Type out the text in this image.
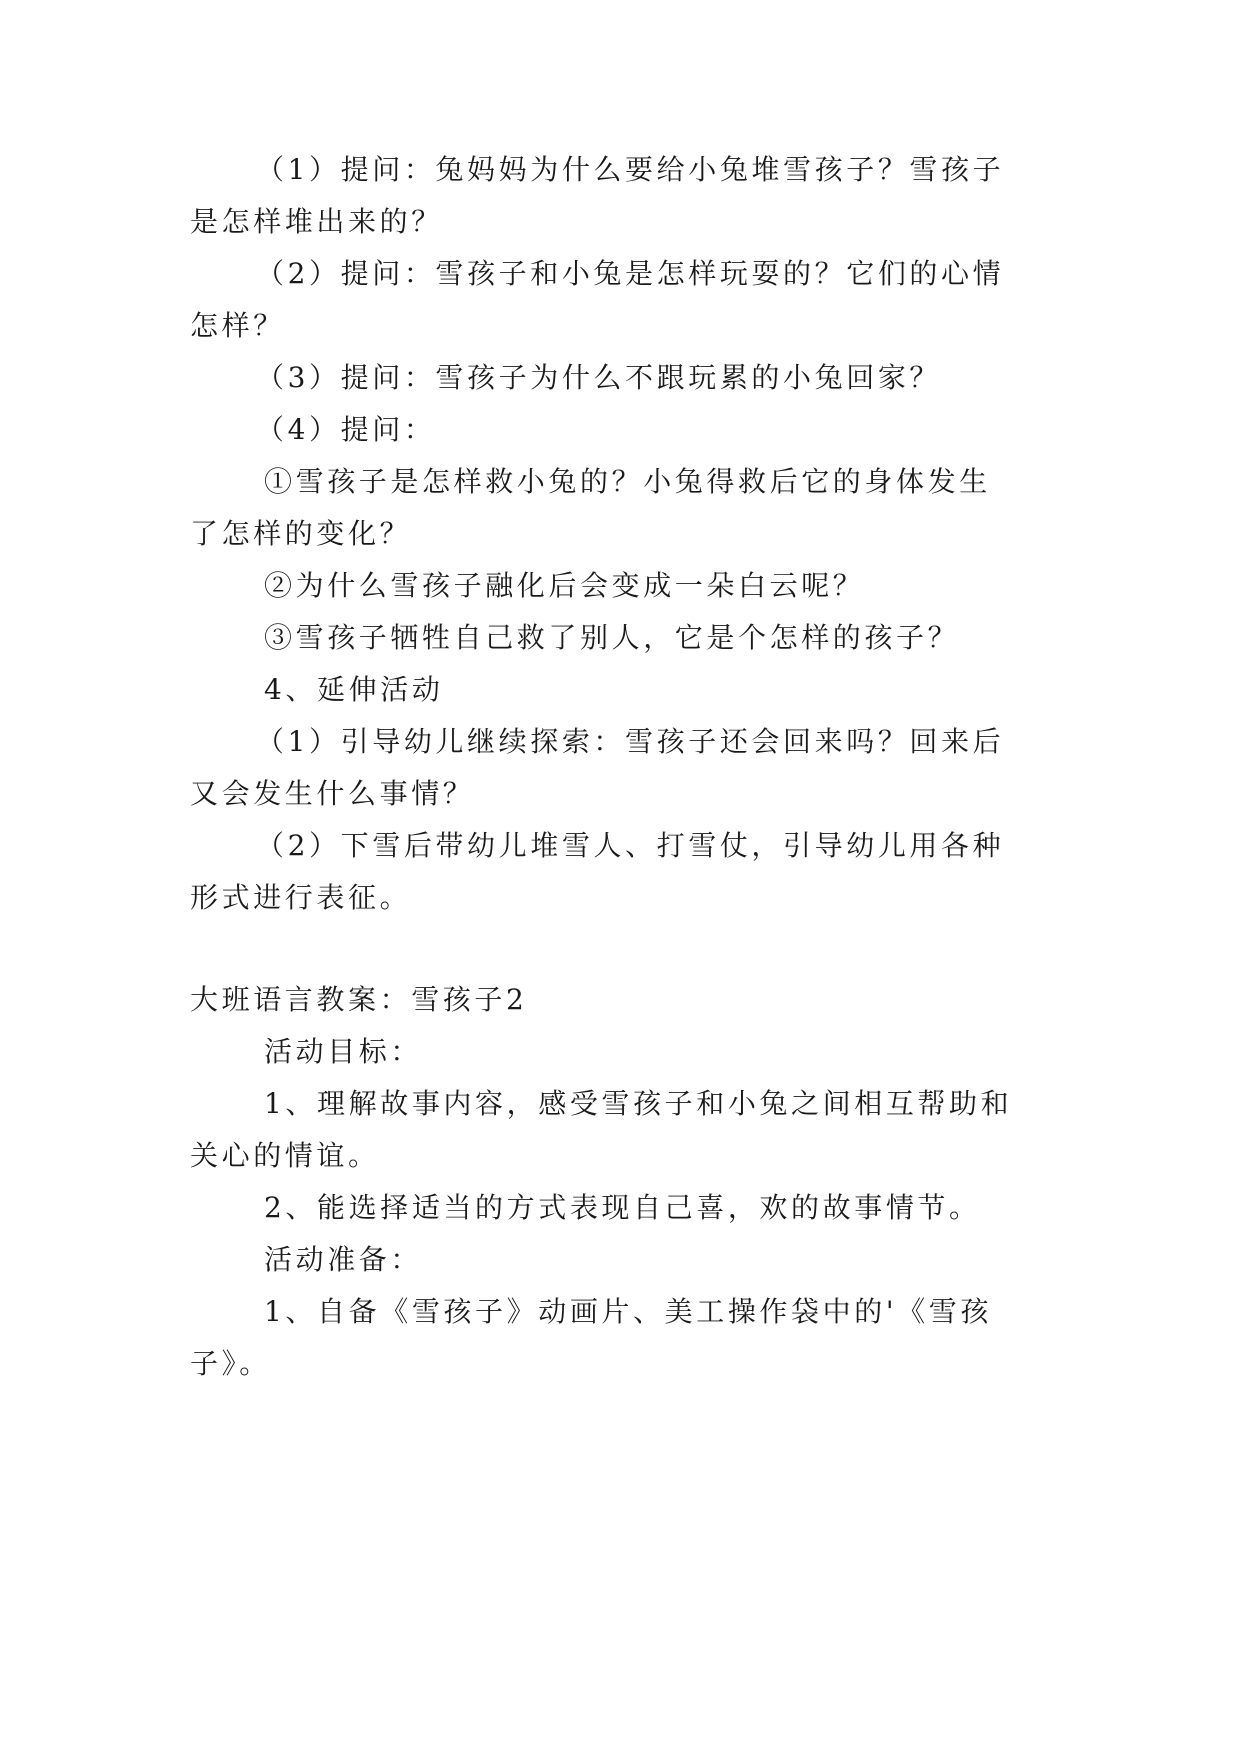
（1）提问：兔妈妈为什么要给小兔堆雪孩子？雪孩子
是怎样堆出来的？
（2）提问：雪孩子和小兔是怎样玩耍的？它们的心情
怎样？
（3）提问：雪孩子为什么不跟玩累的小兔回家？
（4）提问：
①雪孩子是怎样救小兔的？小兔得救后它的身体发生
了怎样的变化？
②为什么雪孩子融化后会变成一朵白云呢？
③雪孩子牺牲自己救了别人，它是个怎样的孩子？
4、延伸活动
（1）引导幼儿继续探索：雪孩子还会回来吗？回来后
又会发生什么事情？
（2）下雪后带幼儿堆雪人、打雪仗，引导幼儿用各种
形式进行表征。
大班语言教案：雪孩子2
活动目标：
1、理解故事内容，感受雪孩子和小兔之间相互帮助和
关心的情谊。
2、能选择适当的方式表现自己喜，欢的故事情节。
活动准备：
1、自备《雪孩子》动画片、美工操作袋中的'《雪孩
子》。
